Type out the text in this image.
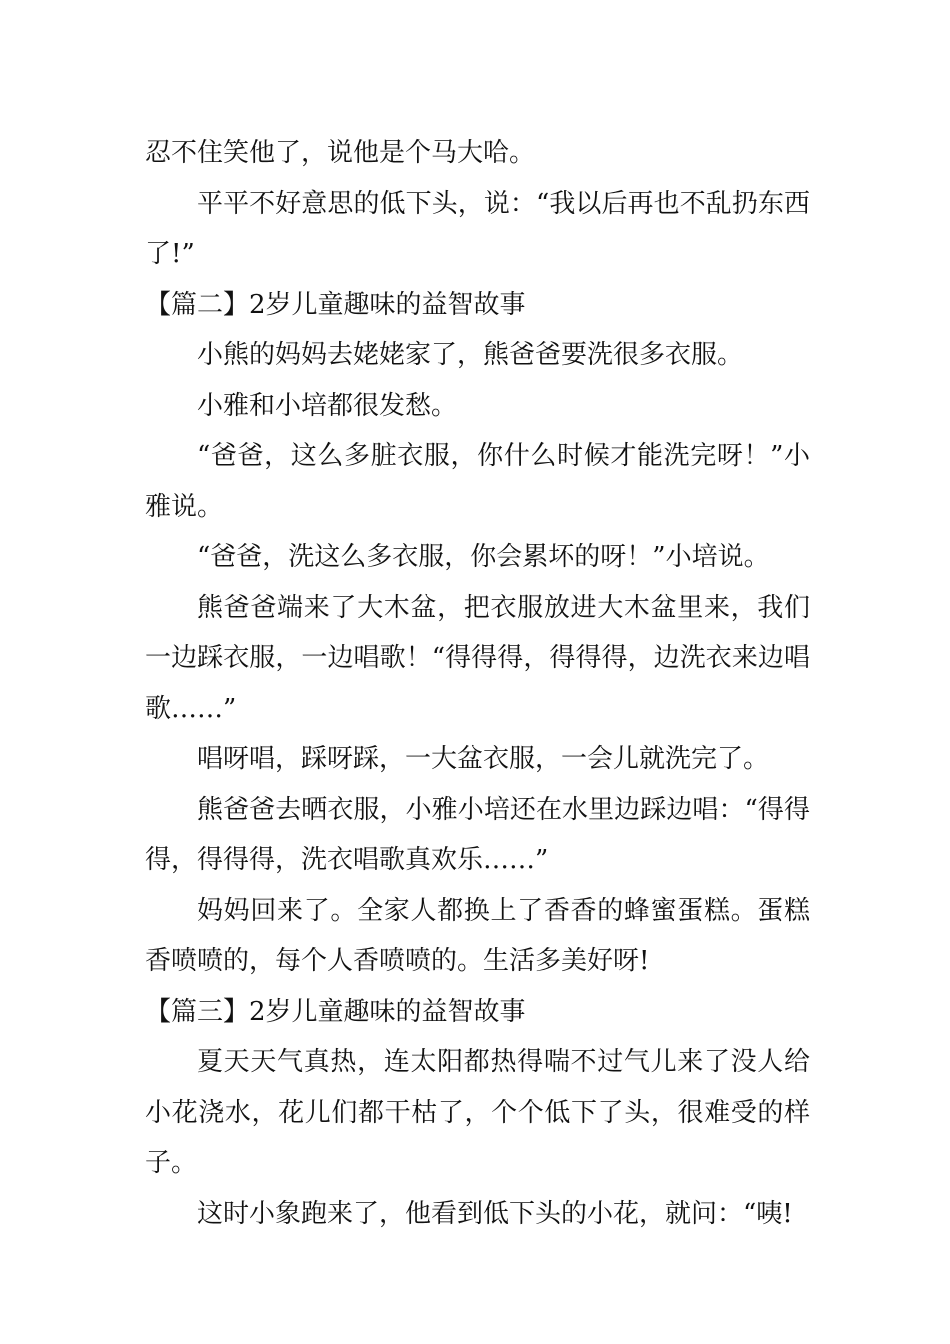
忍不住笑他了，说他是个马大哈。

平平不好意思的低下头，说：“我以后再也不乱扔东西了!”

【篇二】2岁儿童趣味的益智故事

小熊的妈妈去姥姥家了，熊爸爸要洗很多衣服。

小雅和小培都很发愁。

“爸爸，这么多脏衣服，你什么时候才能洗完呀！”小雅说。

“爸爸，洗这么多衣服，你会累坏的呀！”小培说。

熊爸爸端来了大木盆，把衣服放进大木盆里来，我们一边踩衣服，一边唱歌！“得得得，得得得，边洗衣来边唱歌……”

唱呀唱，踩呀踩，一大盆衣服，一会儿就洗完了。

熊爸爸去晒衣服，小雅小培还在水里边踩边唱：“得得得，得得得，洗衣唱歌真欢乐……”

妈妈回来了。全家人都换上了香香的蜂蜜蛋糕。蛋糕香喷喷的，每个人香喷喷的。生活多美好呀!

【篇三】2岁儿童趣味的益智故事

夏天天气真热，连太阳都热得喘不过气儿来了没人给小花浇水，花儿们都干枯了，个个低下了头，很难受的样子。

这时小象跑来了，他看到低下头的小花，就问：“咦!
